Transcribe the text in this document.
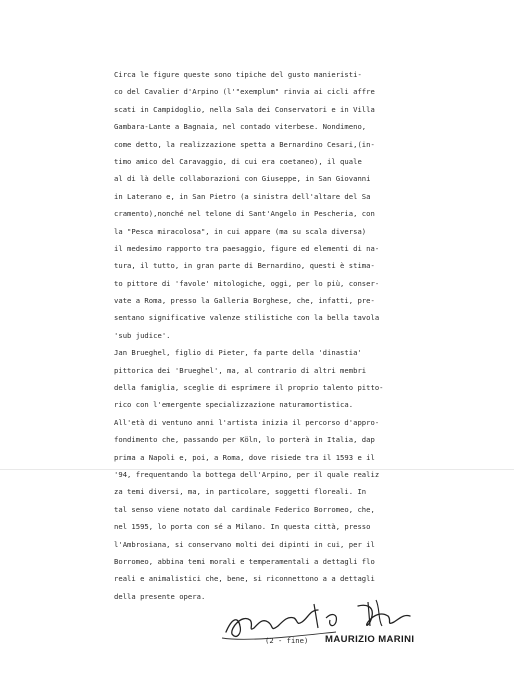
Circa le figure queste sono tipiche del gusto manieristi-
co del Cavalier d'Arpino (l'"exemplum" rinvia ai cicli affre
scati in Campidoglio, nella Sala dei Conservatori e in Villa
Gambara-Lante a Bagnaia, nel contado viterbese. Nondimeno,
come detto, la realizzazione spetta a Bernardino Cesari,(in-
timo amico del Caravaggio, di cui era coetaneo), il quale
al di là delle collaborazioni con Giuseppe, in San Giovanni
in Laterano e, in San Pietro (a sinistra dell'altare del Sa
cramento),nonché nel telone di Sant'Angelo in Pescheria, con
la "Pesca miracolosa", in cui appare (ma su scala diversa)
il medesimo rapporto tra paesaggio, figure ed elementi di na-
tura, il tutto, in gran parte di Bernardino, questi è stima-
to pittore di 'favole' mitologiche, oggi, per lo più, conser-
vate a Roma, presso la Galleria Borghese, che, infatti, pre-
sentano significative valenze stilistiche con la bella tavola
'sub judice'.
Jan Brueghel, figlio di Pieter, fa parte della 'dinastia'
pittorica dei 'Brueghel', ma, al contrario di altri membri
della famiglia, sceglie di esprimere il proprio talento pitto-
rico con l'emergente specializzazione naturamortistica.
All'età di ventuno anni l'artista inizia il percorso d'appro-
fondimento che, passando per Köln, lo porterà in Italia, dap
prima a Napoli e, poi, a Roma, dove risiede tra il 1593 e il
'94, frequentando la bottega dell'Arpino, per il quale realiz
za temi diversi, ma, in particolare, soggetti floreali. In
tal senso viene notato dal cardinale Federico Borromeo, che,
nel 1595, lo porta con sé a Milano. In questa città, presso
l'Ambrosiana, si conservano molti dei dipinti in cui, per il
Borromeo, abbina temi morali e temperamentali a dettagli flo
reali e animalistici che, bene, si riconnettono a a dettagli
della presente opera.
(2 - fine) MAURIZIO MARINI
